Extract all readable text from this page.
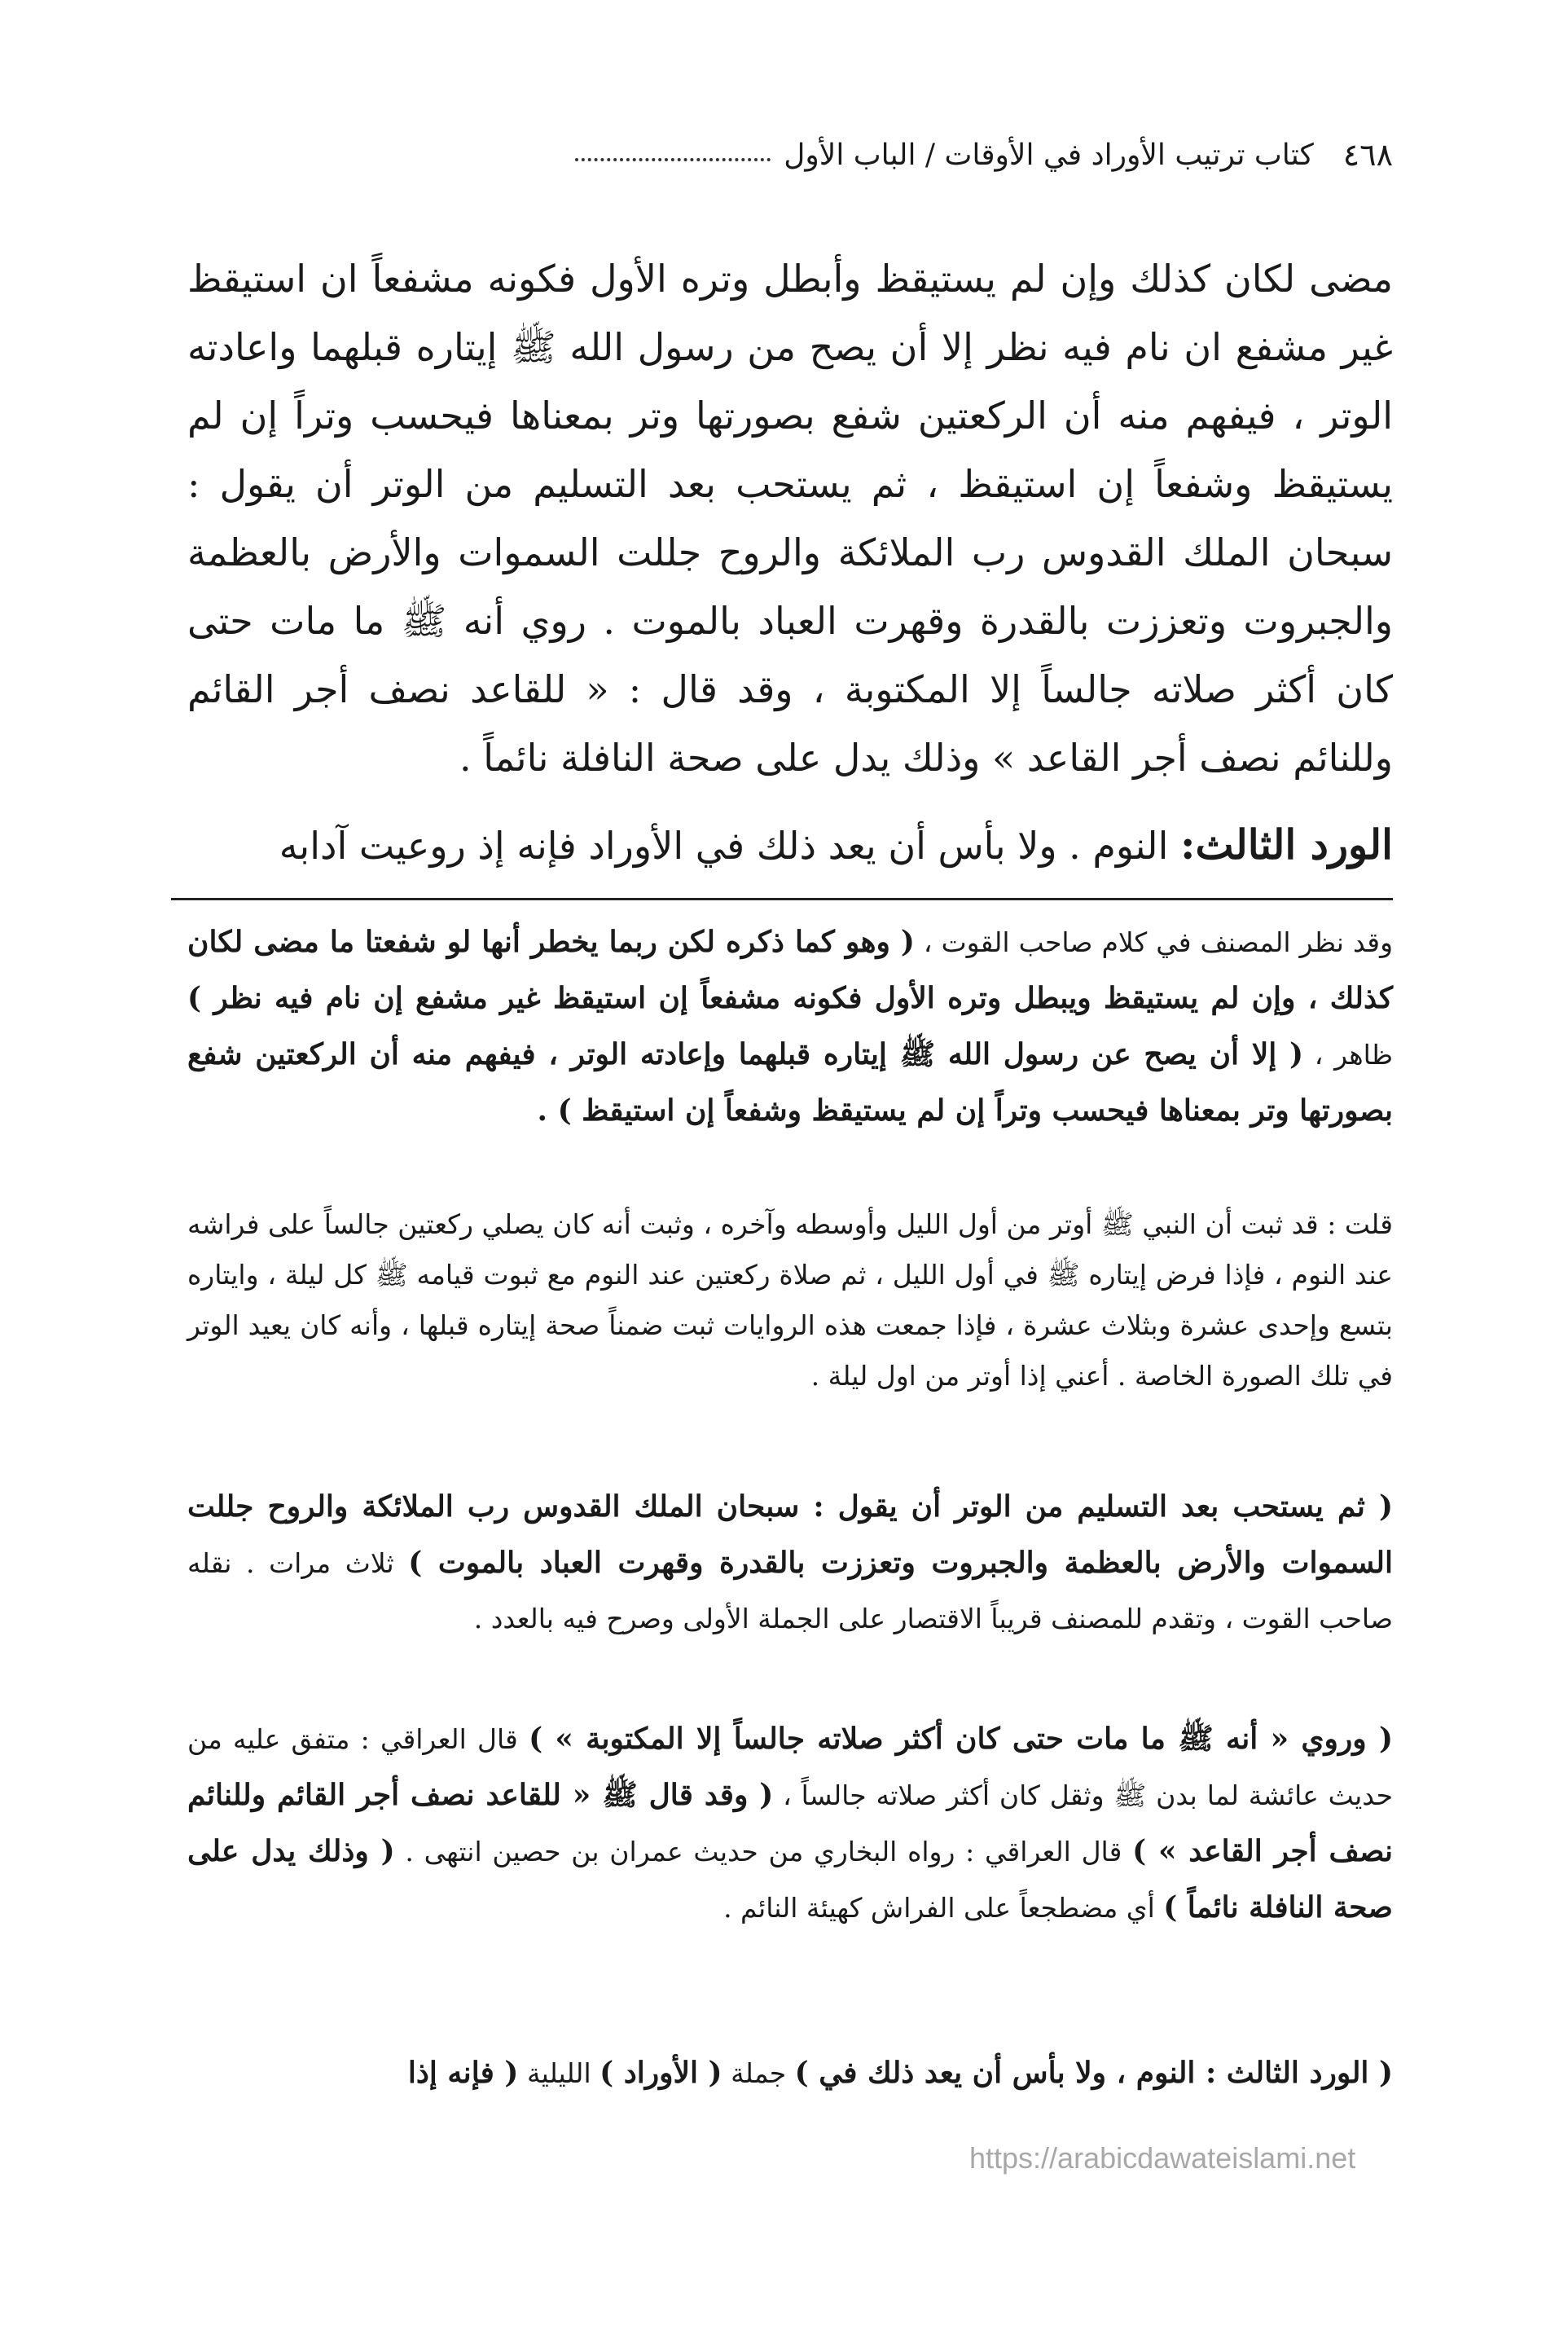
٤٦٨
كتاب ترتيب الأوراد في الأوقات / الباب الأول
مضى لكان كذلك وإن لم يستيقظ وأبطل وتره الأول فكونه مشفعاً ان استيقظ غير مشفع ان نام فيه نظر إلا أن يصح من رسول الله ﷺ إيتاره قبلهما واعادته الوتر ، فيفهم منه أن الركعتين شفع بصورتها وتر بمعناها فيحسب وتراً إن لم يستيقظ وشفعاً إن استيقظ ، ثم يستحب بعد التسليم من الوتر أن يقول : سبحان الملك القدوس رب الملائكة والروح جللت السموات والأرض بالعظمة والجبروت وتعززت بالقدرة وقهرت العباد بالموت . روي أنه ﷺ ما مات حتى كان أكثر صلاته جالساً إلا المكتوبة ، وقد قال : « للقاعد نصف أجر القائم وللنائم نصف أجر القاعد » وذلك يدل على صحة النافلة نائماً .
الورد الثالث: النوم . ولا بأس أن يعد ذلك في الأوراد فإنه إذ روعيت آدابه
وقد نظر المصنف في كلام صاحب القوت ، ( وهو كما ذكره لكن ربما يخطر أنها لو شفعتا ما مضى لكان كذلك ، وإن لم يستيقظ ويبطل وتره الأول فكونه مشفعاً إن استيقظ غير مشفع إن نام فيه نظر ) ظاهر ، ( إلا أن يصح عن رسول الله ﷺ إيتاره قبلهما وإعادته الوتر ، فيفهم منه أن الركعتين شفع بصورتها وتر بمعناها فيحسب وتراً إن لم يستيقظ وشفعاً إن استيقظ ) .
قلت : قد ثبت أن النبي ﷺ أوتر من أول الليل وأوسطه وآخره ، وثبت أنه كان يصلي ركعتين جالساً على فراشه عند النوم ، فإذا فرض إيتاره ﷺ في أول الليل ، ثم صلاة ركعتين عند النوم مع ثبوت قيامه ﷺ كل ليلة ، وايتاره بتسع وإحدى عشرة وبثلاث عشرة ، فإذا جمعت هذه الروايات ثبت ضمناً صحة إيتاره قبلها ، وأنه كان يعيد الوتر في تلك الصورة الخاصة . أعني إذا أوتر من اول ليلة .
( ثم يستحب بعد التسليم من الوتر أن يقول : سبحان الملك القدوس رب الملائكة والروح جللت السموات والأرض بالعظمة والجبروت وتعززت بالقدرة وقهرت العباد بالموت ) ثلاث مرات . نقله صاحب القوت ، وتقدم للمصنف قريباً الاقتصار على الجملة الأولى وصرح فيه بالعدد .
( وروي « أنه ﷺ ما مات حتى كان أكثر صلاته جالساً إلا المكتوبة » ) قال العراقي : متفق عليه من حديث عائشة لما بدن ﷺ وثقل كان أكثر صلاته جالساً ، ( وقد قال ﷺ « للقاعد نصف أجر القائم وللنائم نصف أجر القاعد » ) قال العراقي : رواه البخاري من حديث عمران بن حصين انتهى . ( وذلك يدل على صحة النافلة نائماً ) أي مضطجعاً على الفراش كهيئة النائم .
( الورد الثالث : النوم ، ولا بأس أن يعد ذلك في ) جملة ( الأوراد ) الليلية ( فإنه إذا
https://arabicdawateislami.net
